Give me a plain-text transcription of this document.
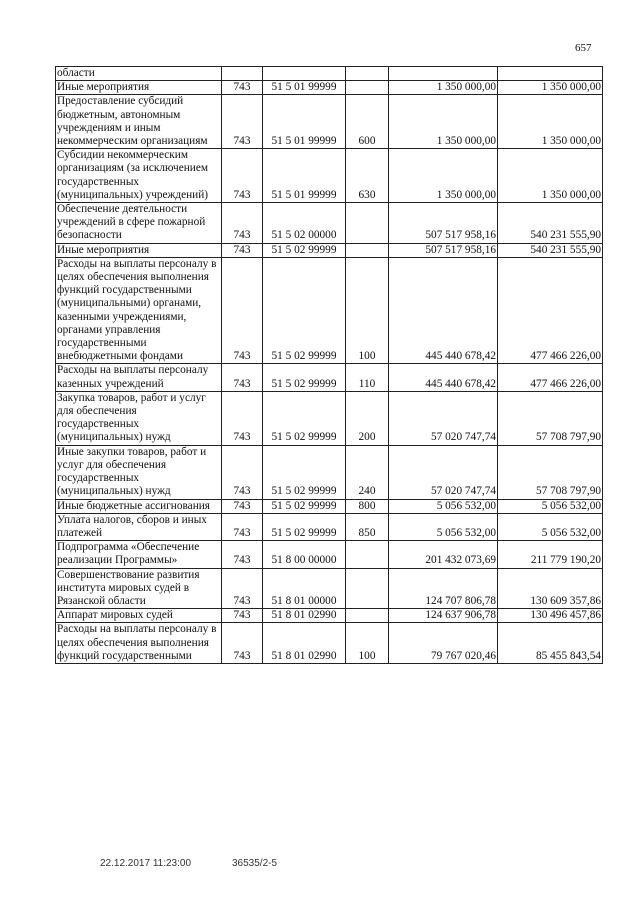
657
области					
Иные мероприятия	743	51 5 01 99999		1 350 000,00	1 350 000,00
Предоставление субсидий бюджетным, автономным учреждениям и иным некоммерческим организациям	743	51 5 01 99999	600	1 350 000,00	1 350 000,00
Субсидии некоммерческим организациям (за исключением государственных (муниципальных) учреждений)	743	51 5 01 99999	630	1 350 000,00	1 350 000,00
Обеспечение деятельности учреждений в сфере пожарной безопасности	743	51 5 02 00000		507 517 958,16	540 231 555,90
Иные мероприятия	743	51 5 02 99999		507 517 958,16	540 231 555,90
Расходы на выплаты персоналу в целях обеспечения выполнения функций государственными (муниципальными) органами, казенными учреждениями, органами управления государственными внебюджетными фондами	743	51 5 02 99999	100	445 440 678,42	477 466 226,00
Расходы на выплаты персоналу казенных учреждений	743	51 5 02 99999	110	445 440 678,42	477 466 226,00
Закупка товаров, работ и услуг для обеспечения государственных (муниципальных) нужд	743	51 5 02 99999	200	57 020 747,74	57 708 797,90
Иные закупки товаров, работ и услуг для обеспечения государственных (муниципальных) нужд	743	51 5 02 99999	240	57 020 747,74	57 708 797,90
Иные бюджетные ассигнования	743	51 5 02 99999	800	5 056 532,00	5 056 532,00
Уплата налогов, сборов и иных платежей	743	51 5 02 99999	850	5 056 532,00	5 056 532,00
Подпрограмма «Обеспечение реализации Программы»	743	51 8 00 00000		201 432 073,69	211 779 190,20
Совершенствование развития института мировых судей в Рязанской области	743	51 8 01 00000		124 707 806,78	130 609 357,86
Аппарат мировых судей	743	51 8 01 02990		124 637 906,78	130 496 457,86
Расходы на выплаты персоналу в целях обеспечения выполнения функций государственными	743	51 8 01 02990	100	79 767 020,46	85 455 843,54
22.12.2017 11:23:00	36535/2-5
